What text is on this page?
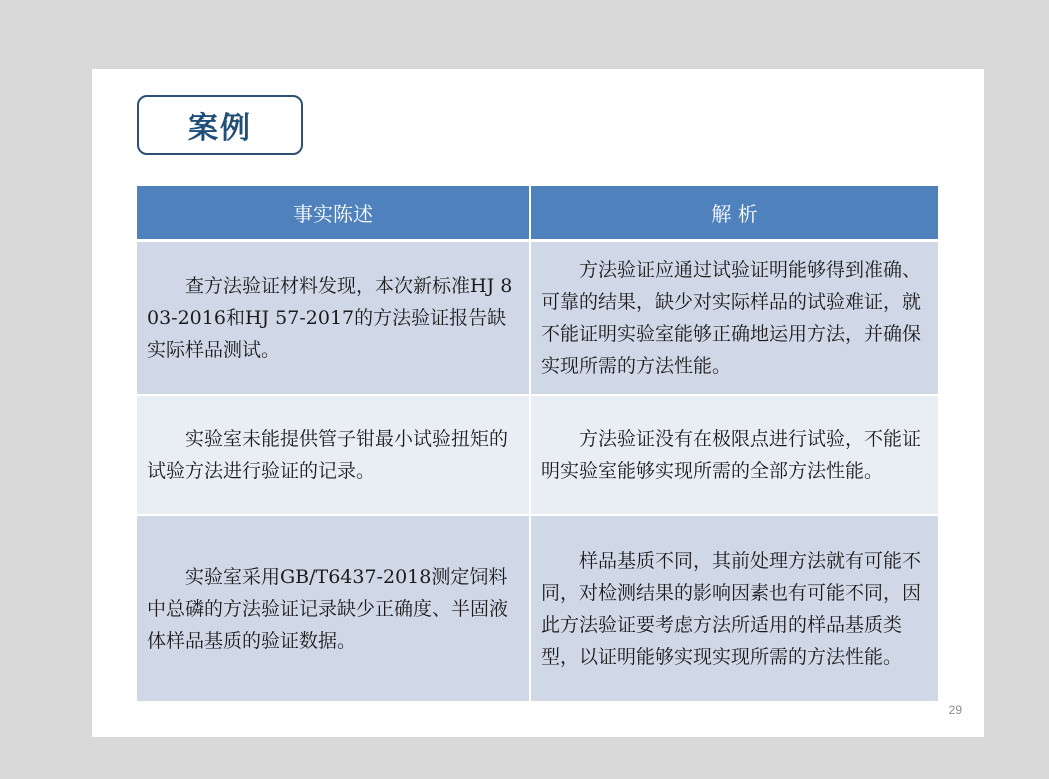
案例
事实陈述	解 析
查方法验证材料发现，本次新标准HJ 803-2016和HJ 57-2017的方法验证报告缺实际样品测试。	方法验证应通过试验证明能够得到准确、可靠的结果，缺少对实际样品的试验难证，就不能证明实验室能够正确地运用方法，并确保实现所需的方法性能。
实验室未能提供管子钳最小试验扭矩的试验方法进行验证的记录。	方法验证没有在极限点进行试验，不能证明实验室能够实现所需的全部方法性能。
实验室采用GB/T6437-2018测定饲料中总磷的方法验证记录缺少正确度、半固液体样品基质的验证数据。	样品基质不同，其前处理方法就有可能不同，对检测结果的影响因素也有可能不同，因此方法验证要考虑方法所适用的样品基质类型，以证明能够实现实现所需的方法性能。
29
